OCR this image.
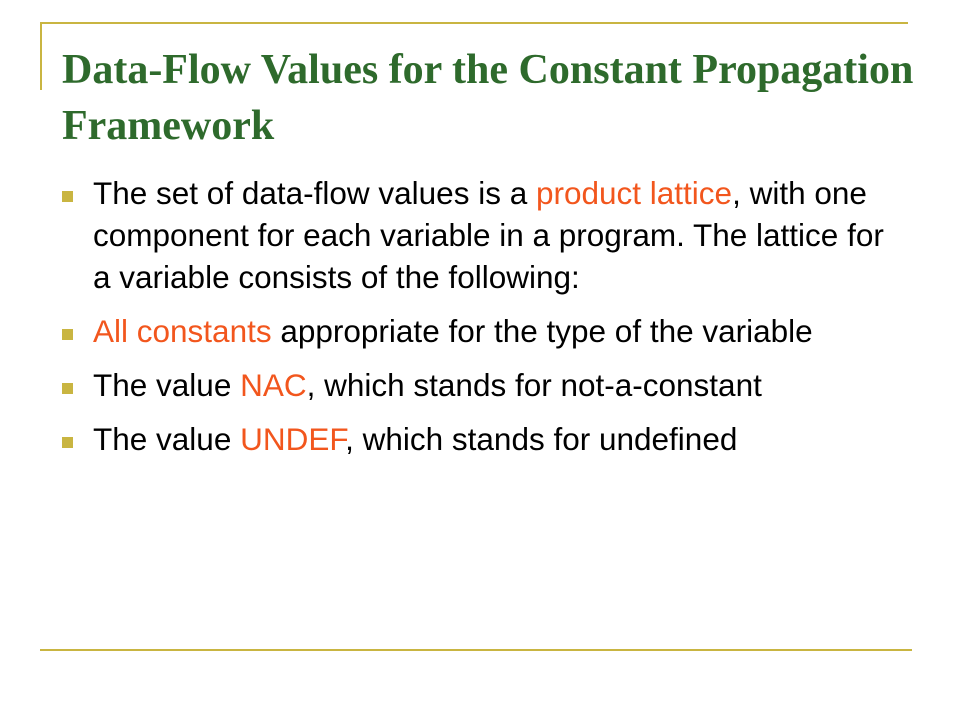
Data-Flow Values for the Constant Propagation Framework
The set of data-flow values is a product lattice, with one component for each variable in a program. The lattice for a variable consists of the following:
All constants appropriate for the type of the variable
The value NAC, which stands for not-a-constant
The value UNDEF, which stands for undefined
